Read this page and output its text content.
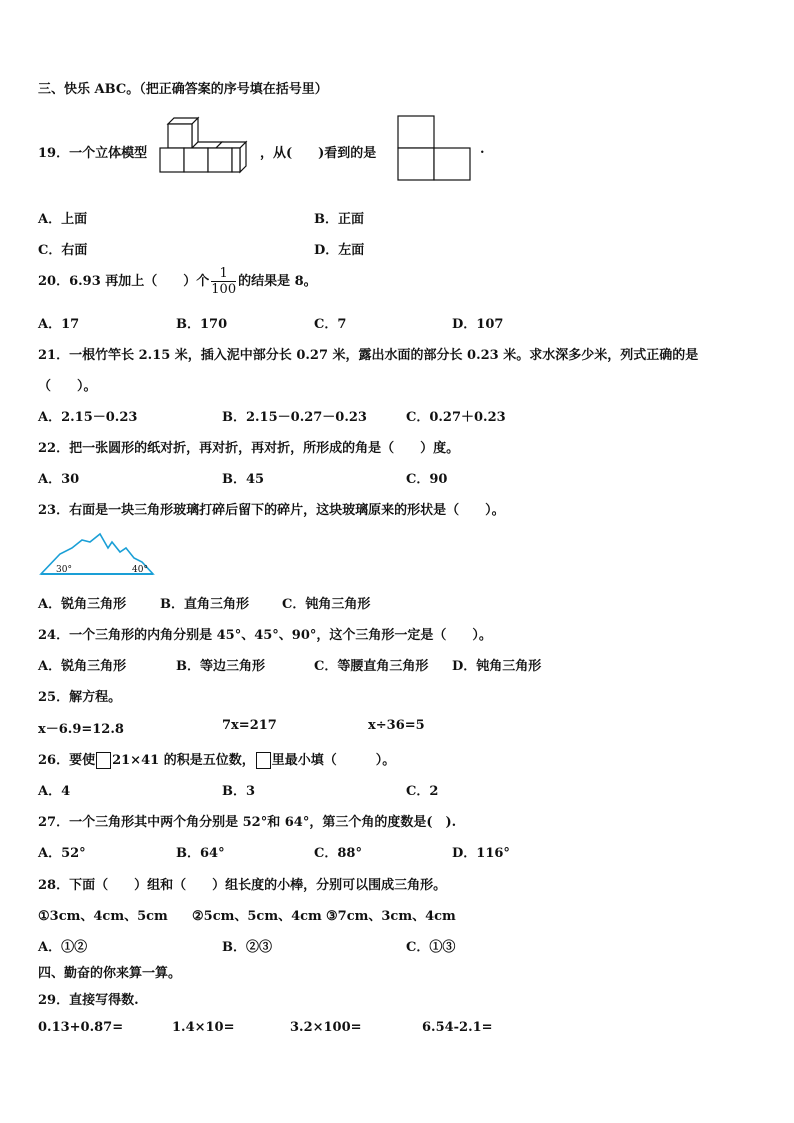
三、快乐 ABC。（把正确答案的序号填在括号里）
19．一个立体模型	，从(　　)看到的是	.
A．上面	B．正面
C．右面	D．左面
20．6.93 再加上（　　）个 $\frac{1}{100}$ 的结果是 8。
A．17	B．170	C．7	D．107
21．一根竹竿长 2.15 米，插入泥中部分长 0.27 米，露出水面的部分长 0.23 米。求水深多少米，列式正确的是
（　　）。
A．2.15－0.23	B．2.15－0.27－0.23	C．0.27＋0.23
22．把一张圆形的纸对折，再对折，再对折，所形成的角是（　　）度。
A．30	B．45	C．90
23．右面是一块三角形玻璃打碎后留下的碎片，这块玻璃原来的形状是（　　）。
30°	40°
A．锐角三角形	B．直角三角形	C．钝角三角形
24．一个三角形的内角分别是 45°、45°、90°，这个三角形一定是（　　）。
A．锐角三角形	B．等边三角形	C．等腰直角三角形 D．钝角三角形
25．解方程。
x－6.9=12.8	7x=217	x÷36=5
26．要使 21×41 的积是五位数， 里最小填（　　　）。
A．4	B．3	C．2
27．一个三角形其中两个角分别是 52°和 64°，第三个角的度数是(　).
A．52°	B．64°	C．88°	D．116°
28．下面（　　）组和（　　）组长度的小棒，分别可以围成三角形。
①3cm、4cm、5cm ②5cm、5cm、4cm ③7cm、3cm、4cm
A．①②	B．②③	C．①③
四、勤奋的你来算一算。
29．直接写得数.
0.13+0.87=	1.4×10=	3.2×100=	6.54-2.1=
